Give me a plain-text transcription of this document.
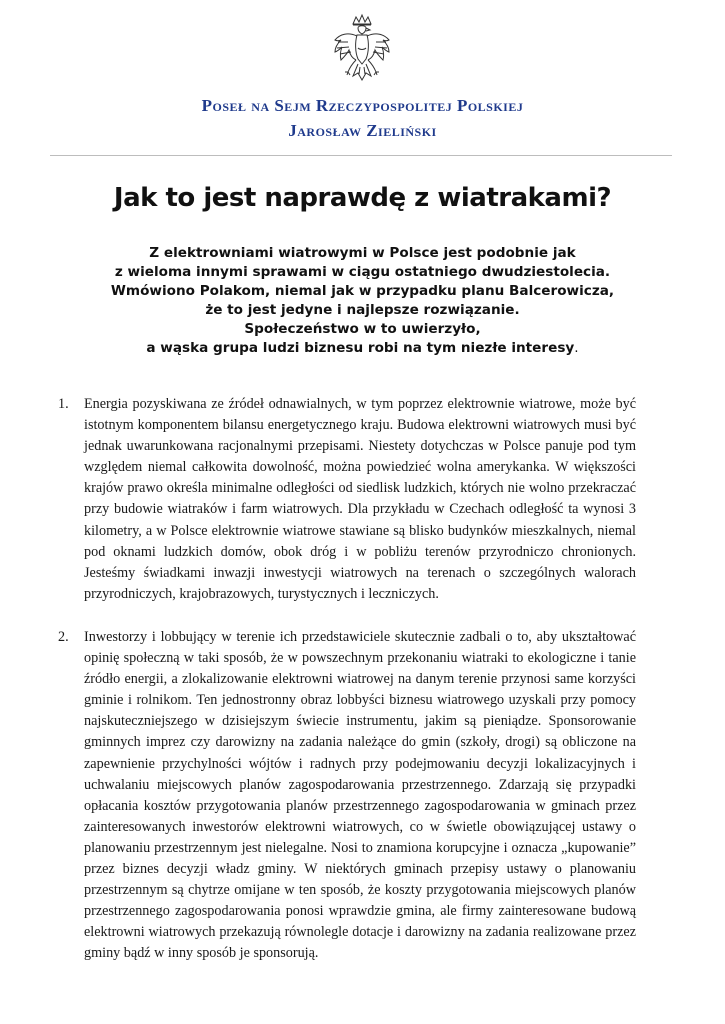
Poseł na Sejm Rzeczypospolitej Polskiej
Jarosław Zieliński
Jak to jest naprawdę z wiatrakami?
Z elektrowniami wiatrowymi w Polsce jest podobnie jak
z wieloma innymi sprawami w ciągu ostatniego dwudziestolecia.
Wmówiono Polakom, niemal jak w przypadku planu Balcerowicza,
że to jest jedyne i najlepsze rozwiązanie.
Społeczeństwo w to uwierzyło,
a wąska grupa ludzi biznesu robi na tym niezłe interesy.
1. Energia pozyskiwana ze źródeł odnawialnych, w tym poprzez elektrownie wiatrowe, może być istotnym komponentem bilansu energetycznego kraju. Budowa elektrowni wiatrowych musi być jednak uwarunkowana racjonalnymi przepisami. Niestety dotychczas w Polsce panuje pod tym względem niemal całkowita dowolność, można powiedzieć wolna amerykanka. W większości krajów prawo określa minimalne odległości od siedlisk ludzkich, których nie wolno przekraczać przy budowie wiatraków i farm wiatrowych. Dla przykładu w Czechach odległość ta wynosi 3 kilometry, a w Polsce elektrownie wiatrowe stawiane są blisko budynków mieszkalnych, niemal pod oknami ludzkich domów, obok dróg i w pobliżu terenów przyrodniczo chronionych. Jesteśmy świadkami inwazji inwestycji wiatrowych na terenach o szczególnych walorach przyrodniczych, krajobrazowych, turystycznych i leczniczych.
2. Inwestorzy i lobbujący w terenie ich przedstawiciele skutecznie zadbali o to, aby ukształtować opinię społeczną w taki sposób, że w powszechnym przekonaniu wiatraki to ekologiczne i tanie źródło energii, a zlokalizowanie elektrowni wiatrowej na danym terenie przynosi same korzyści gminie i rolnikom. Ten jednostronny obraz lobbyści biznesu wiatrowego uzyskali przy pomocy najskuteczniejszego w dzisiejszym świecie instrumentu, jakim są pieniądze. Sponsorowanie gminnych imprez czy darowizny na zadania należące do gmin (szkoły, drogi) są obliczone na zapewnienie przychylności wójtów i radnych przy podejmowaniu decyzji lokalizacyjnych i uchwalaniu miejscowych planów zagospodarowania przestrzennego. Zdarzają się przypadki opłacania kosztów przygotowania planów przestrzennego zagospodarowania w gminach przez zainteresowanych inwestorów elektrowni wiatrowych, co w świetle obowiązującej ustawy o planowaniu przestrzennym jest nielegalne. Nosi to znamiona korupcyjne i oznacza „kupowanie” przez biznes decyzji władz gminy. W niektórych gminach przepisy ustawy o planowaniu przestrzennym są chytrze omijane w ten sposób, że koszty przygotowania miejscowych planów przestrzennego zagospodarowania ponosi wprawdzie gmina, ale firmy zainteresowane budową elektrowni wiatrowych przekazują równolegle dotacje i darowizny na zadania realizowane przez gminy bądź w inny sposób je sponsorują.
